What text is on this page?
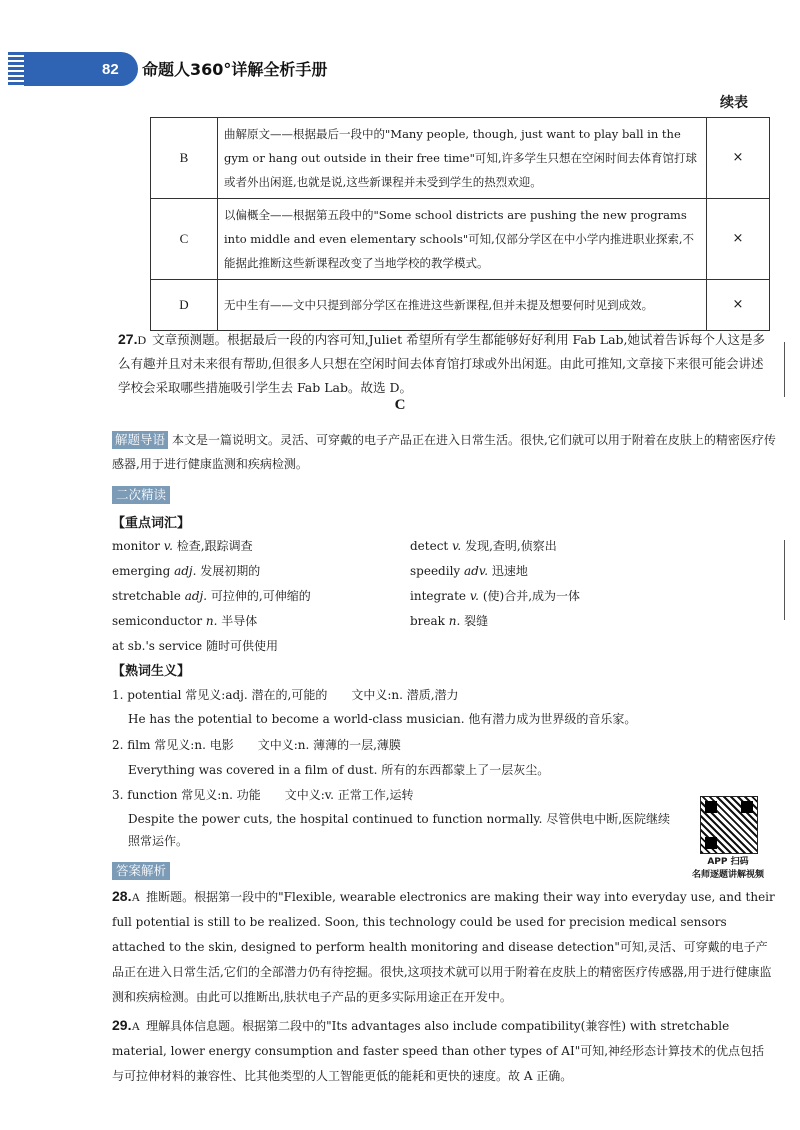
82	命题人360°详解全析手册
续表
B	曲解原文——根据最后一段中的"Many people, though, just want to play ball in the gym or hang out outside in their free time"可知,许多学生只想在空闲时间去体育馆打球或者外出闲逛,也就是说,这些新课程并未受到学生的热烈欢迎。	×
C	以偏概全——根据第五段中的"Some school districts are pushing the new programs into middle and even elementary schools"可知,仅部分学区在中小学内推进职业探索,不能据此推断这些新课程改变了当地学校的教学模式。	×
D	无中生有——文中只提到部分学区在推进这些新课程,但并未提及想要何时见到成效。	×
27.D 文章预测题。根据最后一段的内容可知,Juliet 希望所有学生都能够好好利用 Fab Lab,她试着告诉每个人这是多么有趣并且对未来很有帮助,但很多人只想在空闲时间去体育馆打球或外出闲逛。由此可推知,文章接下来很可能会讲述学校会采取哪些措施吸引学生去 Fab Lab。故选 D。
C
解题导语 本文是一篇说明文。灵活、可穿戴的电子产品正在进入日常生活。很快,它们就可以用于附着在皮肤上的精密医疗传感器,用于进行健康监测和疾病检测。
二次精读
【重点词汇】
monitor v. 检查,跟踪调查	detect v. 发现,查明,侦察出
emerging adj. 发展初期的	speedily adv. 迅速地
stretchable adj. 可拉伸的,可伸缩的	integrate v. (使)合并,成为一体
semiconductor n. 半导体	break n. 裂缝
at sb.'s service 随时可供使用
【熟词生义】
1. potential 常见义:adj. 潜在的,可能的　　文中义:n. 潜质,潜力
He has the potential to become a world-class musician. 他有潜力成为世界级的音乐家。
2. film 常见义:n. 电影　　文中义:n. 薄薄的一层,薄膜
Everything was covered in a film of dust. 所有的东西都蒙上了一层灰尘。
3. function 常见义:n. 功能　　文中义:v. 正常工作,运转
Despite the power cuts, the hospital continued to function normally. 尽管供电中断,医院继续照常运作。
APP 扫码
名师逐题讲解视频
答案解析
28.A 推断题。根据第一段中的"Flexible, wearable electronics are making their way into everyday use, and their full potential is still to be realized. Soon, this technology could be used for precision medical sensors attached to the skin, designed to perform health monitoring and disease detection"可知,灵活、可穿戴的电子产品正在进入日常生活,它们的全部潜力仍有待挖掘。很快,这项技术就可以用于附着在皮肤上的精密医疗传感器,用于进行健康监测和疾病检测。由此可以推断出,肤状电子产品的更多实际用途正在开发中。
29.A 理解具体信息题。根据第二段中的"Its advantages also include compatibility(兼容性) with stretchable material, lower energy consumption and faster speed than other types of AI"可知,神经形态计算技术的优点包括与可拉伸材料的兼容性、比其他类型的人工智能更低的能耗和更快的速度。故 A 正确。
